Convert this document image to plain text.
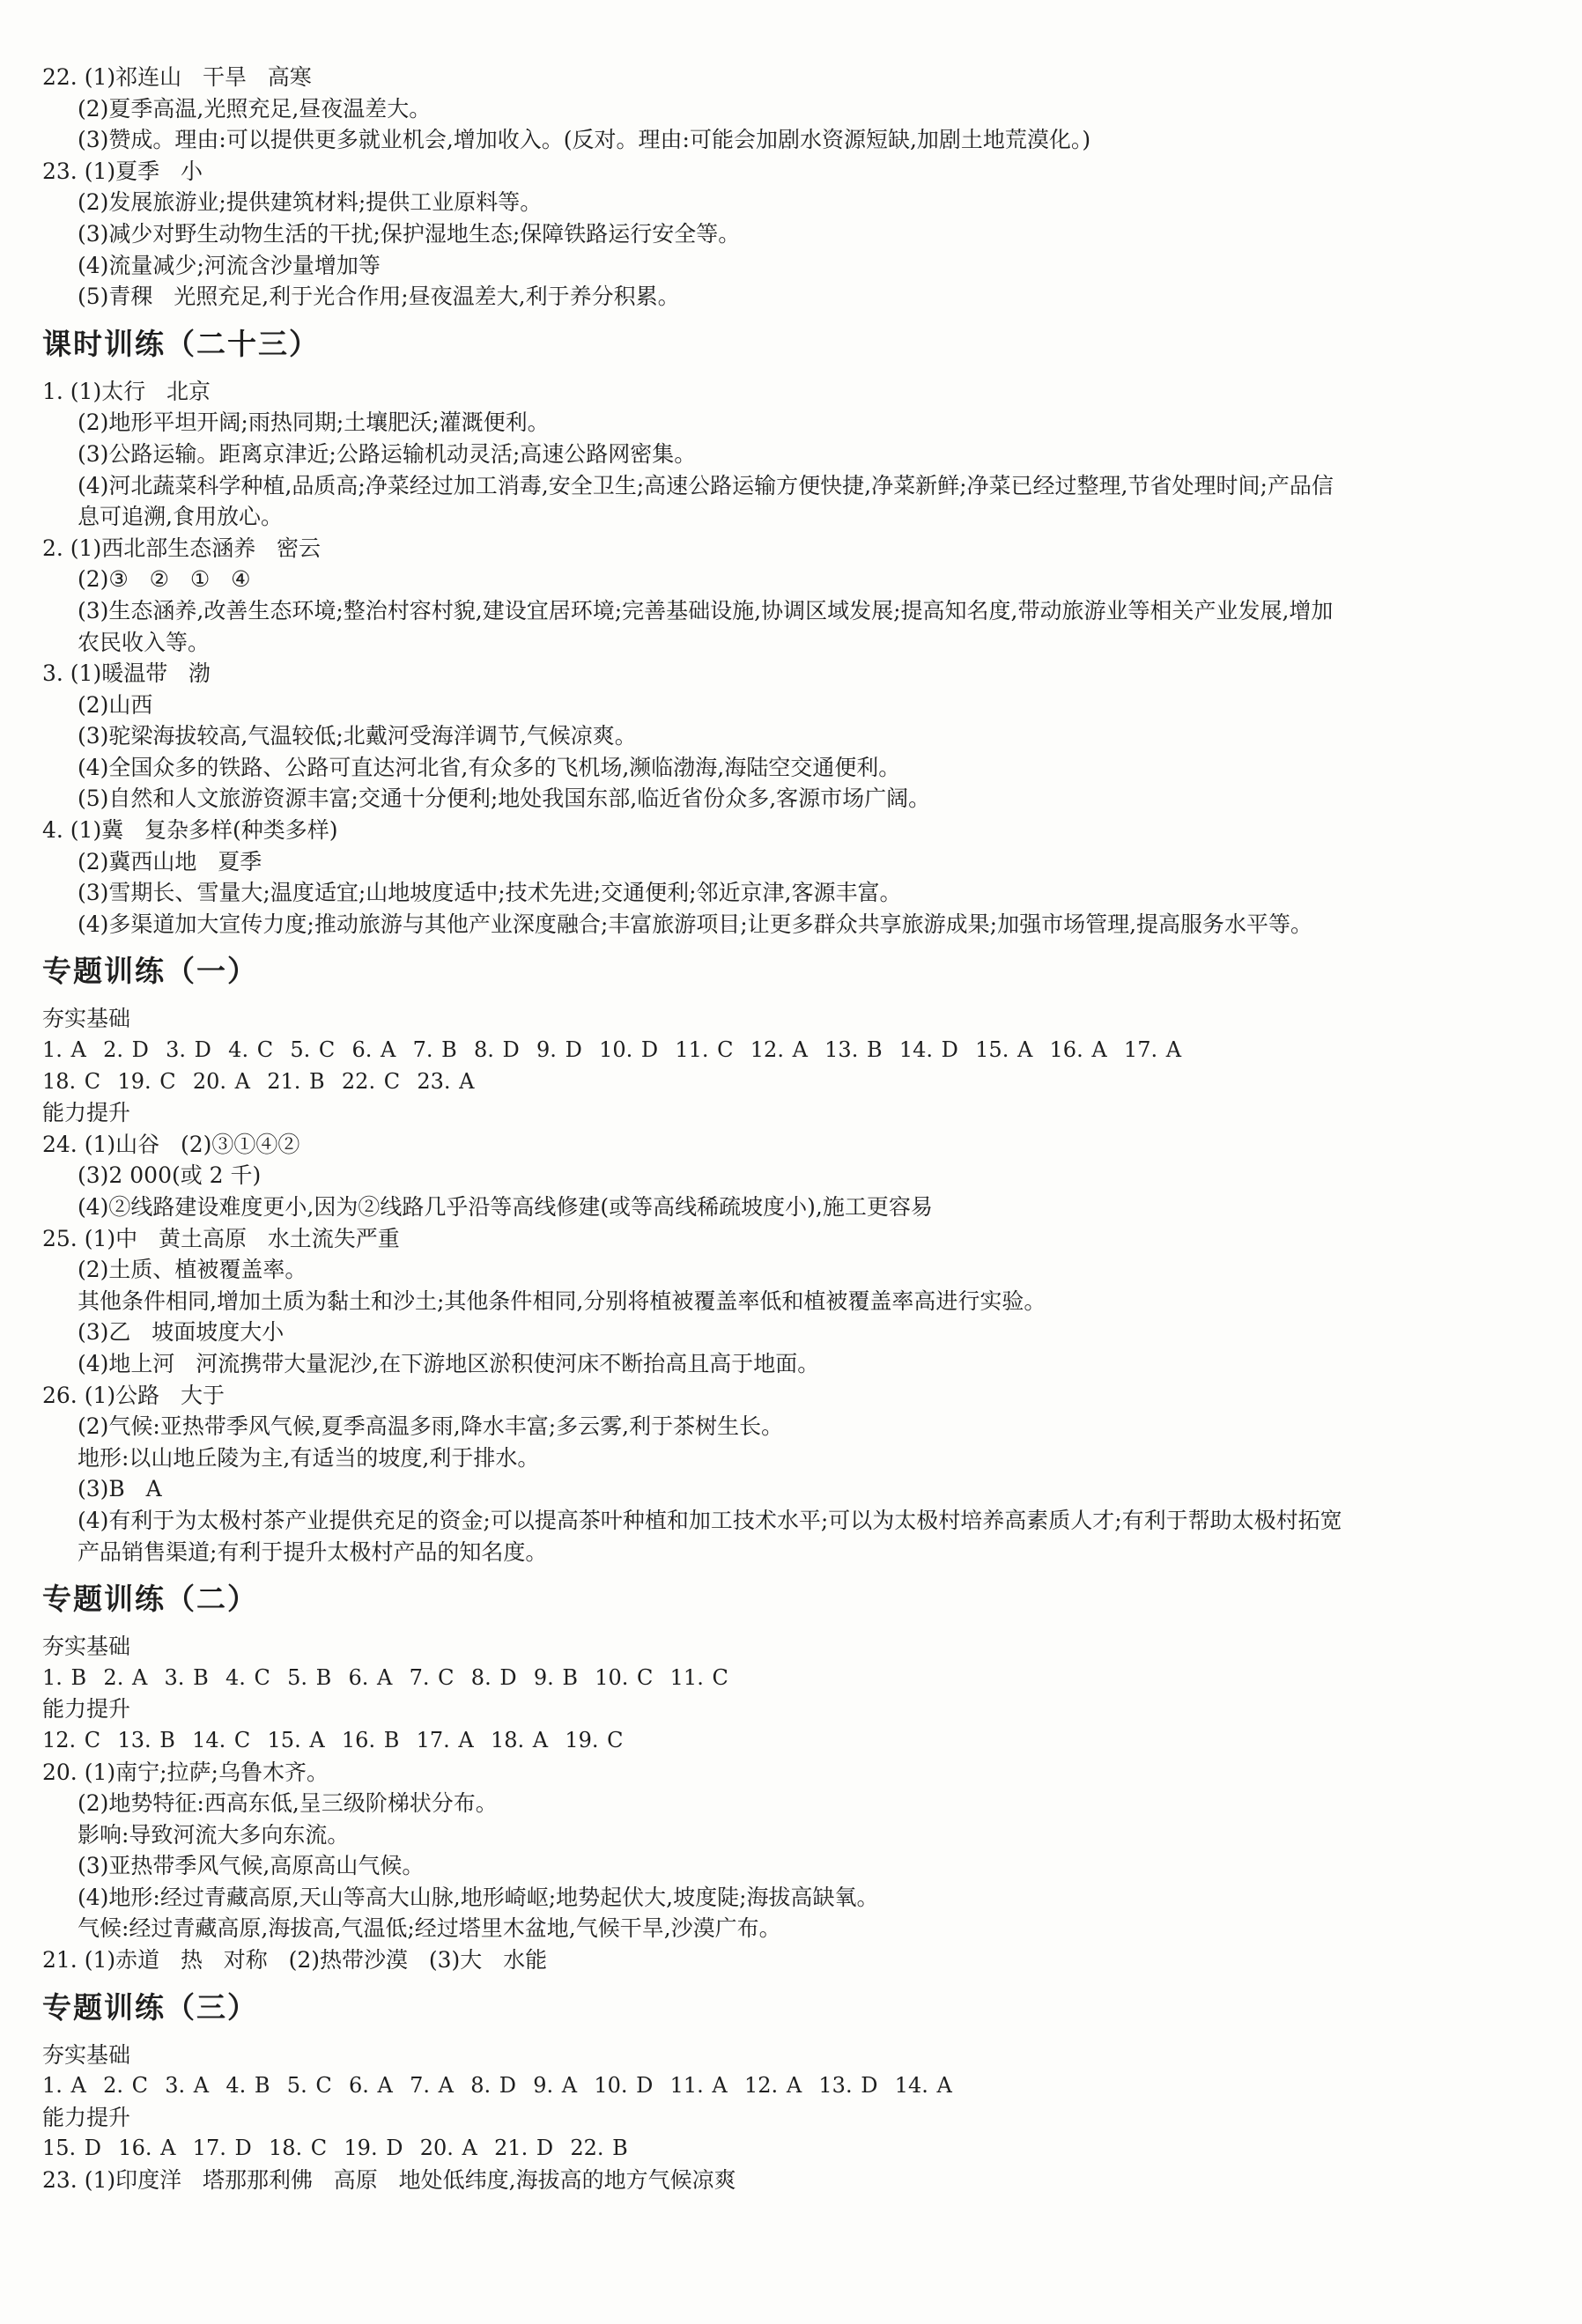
22. (1)祁连山   干旱   高寒

(2)夏季高温,光照充足,昼夜温差大。

(3)赞成。理由:可以提供更多就业机会,增加收入。(反对。理由:可能会加剧水资源短缺,加剧土地荒漠化。)

23. (1)夏季   小

(2)发展旅游业;提供建筑材料;提供工业原料等。

(3)减少对野生动物生活的干扰;保护湿地生态;保障铁路运行安全等。

(4)流量减少;河流含沙量增加等

(5)青稞   光照充足,利于光合作用;昼夜温差大,利于养分积累。

课时训练（二十三）

1. (1)太行   北京

(2)地形平坦开阔;雨热同期;土壤肥沃;灌溉便利。

(3)公路运输。距离京津近;公路运输机动灵活;高速公路网密集。

(4)河北蔬菜科学种植,品质高;净菜经过加工消毒,安全卫生;高速公路运输方便快捷,净菜新鲜;净菜已经过整理,节省处理时间;产品信

息可追溯,食用放心。

2. (1)西北部生态涵养   密云

(2)③   ②   ①   ④

(3)生态涵养,改善生态环境;整治村容村貌,建设宜居环境;完善基础设施,协调区域发展;提高知名度,带动旅游业等相关产业发展,增加

农民收入等。

3. (1)暖温带   渤

(2)山西

(3)驼梁海拔较高,气温较低;北戴河受海洋调节,气候凉爽。

(4)全国众多的铁路、公路可直达河北省,有众多的飞机场,濒临渤海,海陆空交通便利。

(5)自然和人文旅游资源丰富;交通十分便利;地处我国东部,临近省份众多,客源市场广阔。

4. (1)冀   复杂多样(种类多样)

(2)冀西山地   夏季

(3)雪期长、雪量大;温度适宜;山地坡度适中;技术先进;交通便利;邻近京津,客源丰富。

(4)多渠道加大宣传力度;推动旅游与其他产业深度融合;丰富旅游项目;让更多群众共享旅游成果;加强市场管理,提高服务水平等。

专题训练（一）

夯实基础

1. A  2. D  3. D  4. C  5. C  6. A  7. B  8. D  9. D  10. D  11. C  12. A  13. B  14. D  15. A  16. A  17. A

18. C  19. C  20. A  21. B  22. C  23. A

能力提升

24. (1)山谷   (2)③①④②

(3)2 000(或 2 千)

(4)②线路建设难度更小,因为②线路几乎沿等高线修建(或等高线稀疏坡度小),施工更容易

25. (1)中   黄土高原   水土流失严重

(2)土质、植被覆盖率。

其他条件相同,增加土质为黏土和沙土;其他条件相同,分别将植被覆盖率低和植被覆盖率高进行实验。

(3)乙   坡面坡度大小

(4)地上河   河流携带大量泥沙,在下游地区淤积使河床不断抬高且高于地面。

26. (1)公路   大于

(2)气候:亚热带季风气候,夏季高温多雨,降水丰富;多云雾,利于茶树生长。

地形:以山地丘陵为主,有适当的坡度,利于排水。

(3)B   A

(4)有利于为太极村茶产业提供充足的资金;可以提高茶叶种植和加工技术水平;可以为太极村培养高素质人才;有利于帮助太极村拓宽

产品销售渠道;有利于提升太极村产品的知名度。

专题训练（二）

夯实基础

1. B  2. A  3. B  4. C  5. B  6. A  7. C  8. D  9. B  10. C  11. C

能力提升

12. C  13. B  14. C  15. A  16. B  17. A  18. A  19. C

20. (1)南宁;拉萨;乌鲁木齐。

(2)地势特征:西高东低,呈三级阶梯状分布。

影响:导致河流大多向东流。

(3)亚热带季风气候,高原高山气候。

(4)地形:经过青藏高原,天山等高大山脉,地形崎岖;地势起伏大,坡度陡;海拔高缺氧。

气候:经过青藏高原,海拔高,气温低;经过塔里木盆地,气候干旱,沙漠广布。

21. (1)赤道   热   对称   (2)热带沙漠   (3)大   水能

专题训练（三）

夯实基础

1. A  2. C  3. A  4. B  5. C  6. A  7. A  8. D  9. A  10. D  11. A  12. A  13. D  14. A

能力提升

15. D  16. A  17. D  18. C  19. D  20. A  21. D  22. B

23. (1)印度洋   塔那那利佛   高原   地处低纬度,海拔高的地方气候凉爽
